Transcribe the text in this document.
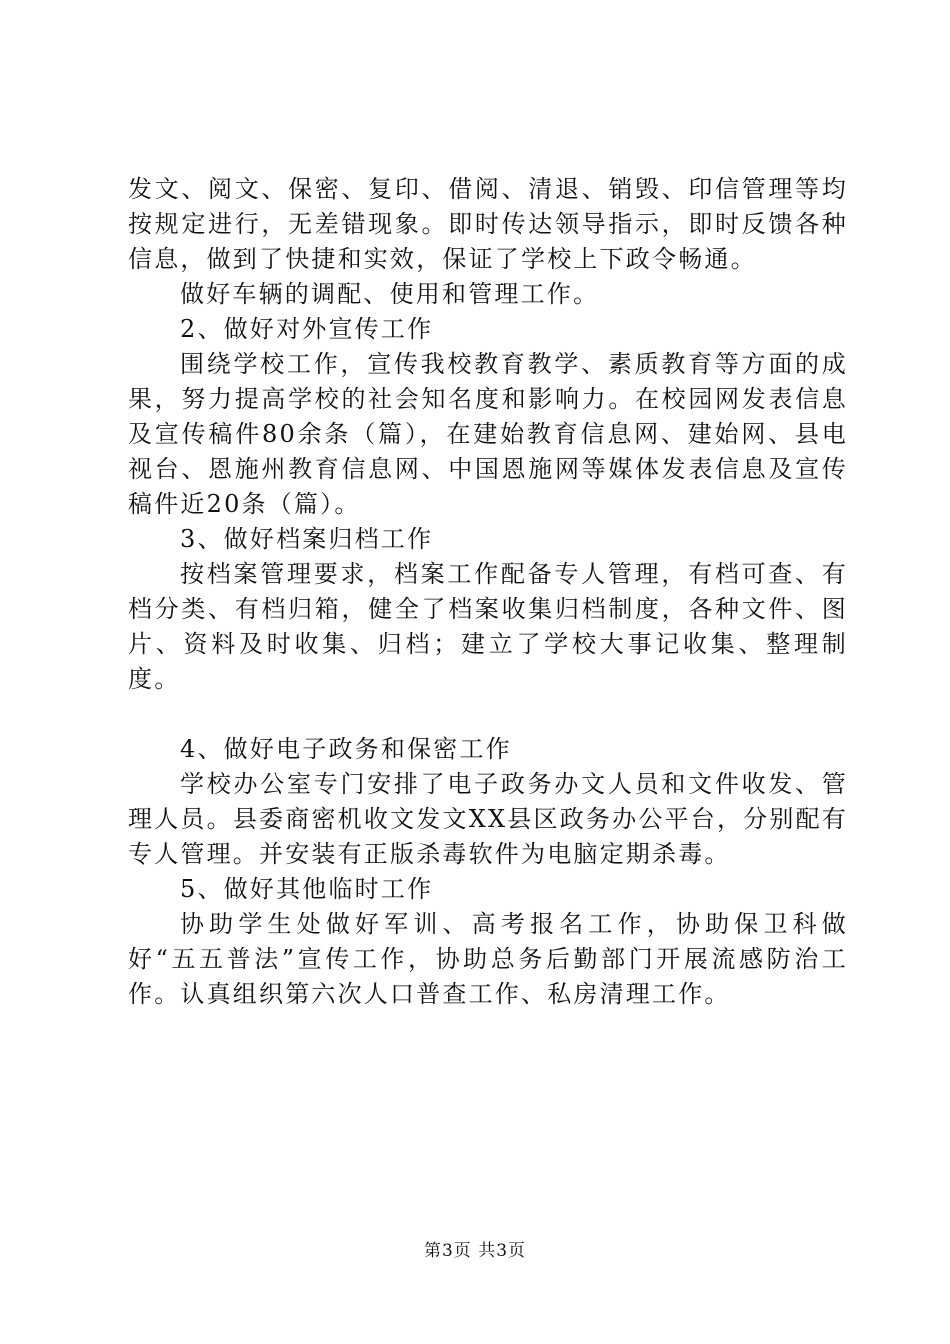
发文、阅文、保密、复印、借阅、清退、销毁、印信管理等均按规定进行，无差错现象。即时传达领导指示，即时反馈各种信息，做到了快捷和实效，保证了学校上下政令畅通。

做好车辆的调配、使用和管理工作。

2、做好对外宣传工作

围绕学校工作，宣传我校教育教学、素质教育等方面的成果，努力提高学校的社会知名度和影响力。在校园网发表信息及宣传稿件80余条（篇），在建始教育信息网、建始网、县电视台、恩施州教育信息网、中国恩施网等媒体发表信息及宣传稿件近20条（篇）。

3、做好档案归档工作

按档案管理要求，档案工作配备专人管理，有档可查、有档分类、有档归箱，健全了档案收集归档制度，各种文件、图片、资料及时收集、归档；建立了学校大事记收集、整理制度。

4、做好电子政务和保密工作

学校办公室专门安排了电子政务办文人员和文件收发、管理人员。县委商密机收文发文XX县区政务办公平台，分别配有专人管理。并安装有正版杀毒软件为电脑定期杀毒。

5、做好其他临时工作

协助学生处做好军训、高考报名工作，协助保卫科做好“五五普法”宣传工作，协助总务后勤部门开展流感防治工作。认真组织第六次人口普查工作、私房清理工作。

第3页 共3页
